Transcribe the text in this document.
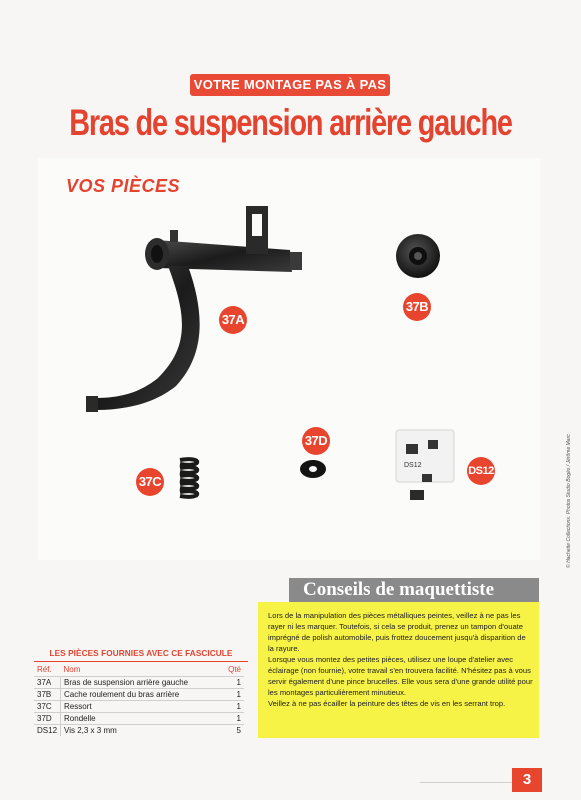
VOTRE MONTAGE PAS À PAS
Bras de suspension arrière gauche
DS12	© Hachette Collections. Photos Studio Bogès / Jérôme Marc
VOS PIÈCES
37A
37B
37C
37D
DS12
Conseils de maquettiste

Lors de la manipulation des pièces métalliques peintes, veillez à ne pas les rayer ni les marquer. Toutefois, si cela se produit, prenez un tampon d'ouate imprégné de polish automobile, puis frottez doucement jusqu'à disparition de la rayure.

Lorsque vous montez des petites pièces, utilisez une loupe d'atelier avec éclairage (non fournie), votre travail s'en trouvera facilité. N'hésitez pas à vous servir également d'une pince brucelles. Elle vous sera d'une grande utilité pour les montages particulièrement minutieux.

Veillez à ne pas écailler la peinture des têtes de vis en les serrant trop.

LES PIÈCES FOURNIES AVEC CE FASCICULE
Réf.	Nom	Qté
37A	Bras de suspension arrière gauche	1
37B	Cache roulement du bras arrière	1
37C	Ressort	1
37D	Rondelle	1
DS12	Vis 2,3 x 3 mm	5
3
